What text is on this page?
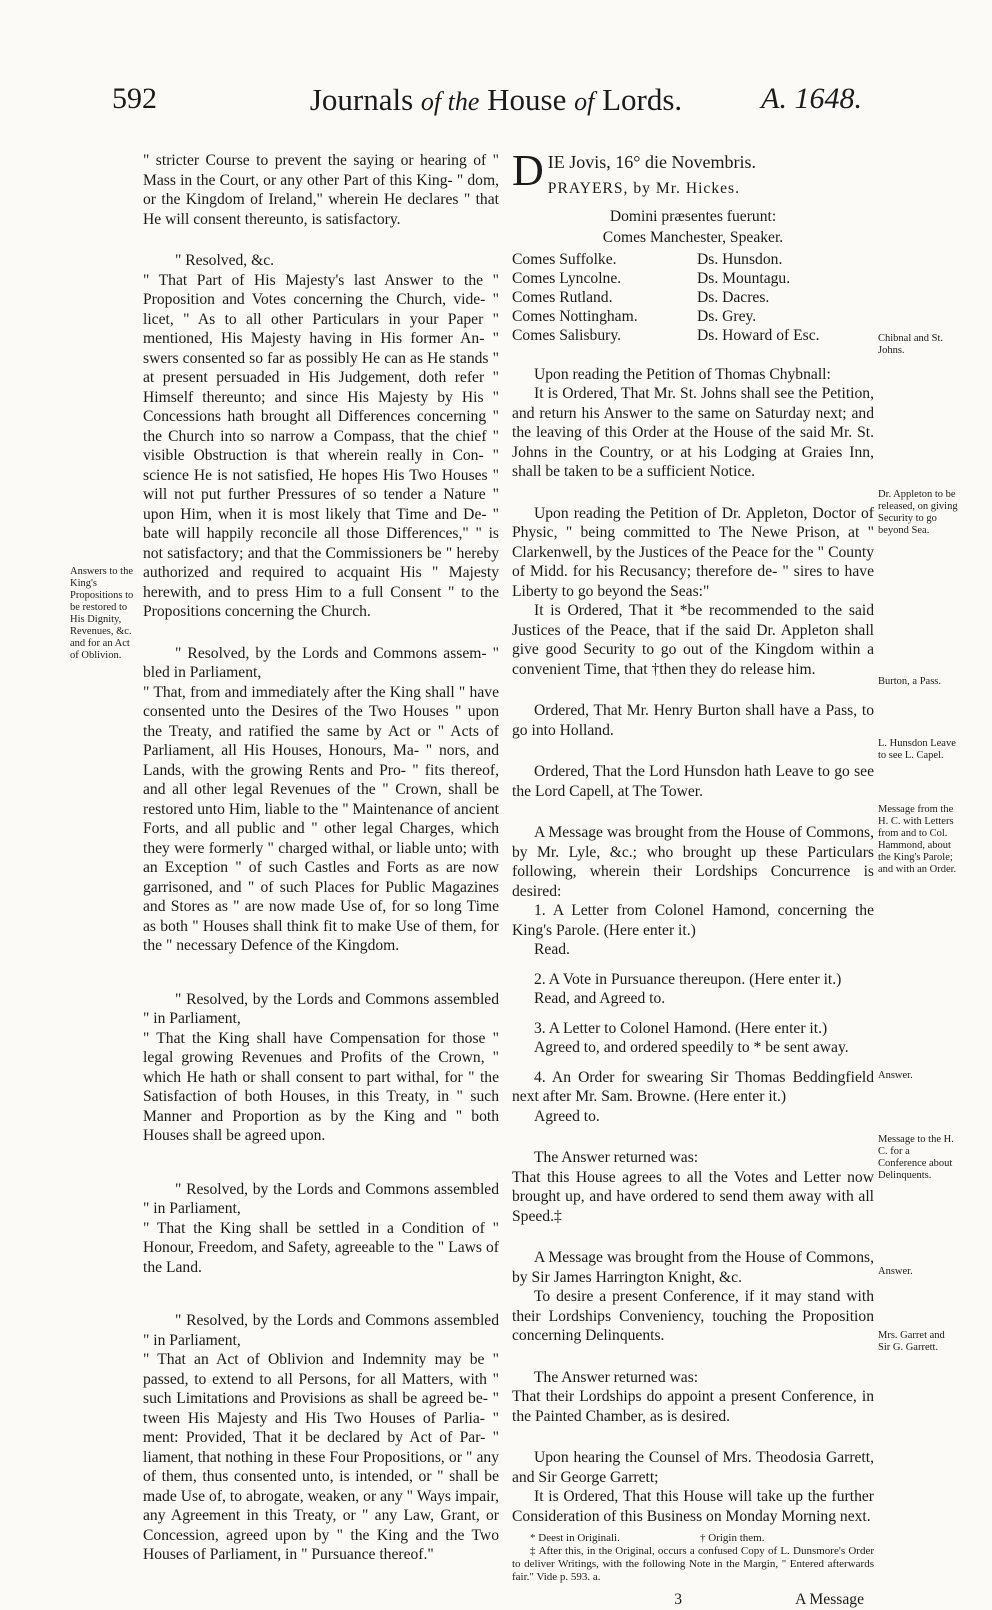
592	Journals of the House of Lords.	A. 1648.

" stricter Course to prevent the saying or hearing of " Mass in the Court, or any other Part of this King- " dom, or the Kingdom of Ireland," wherein He declares " that He will consent thereunto, is satisfactory.

" Resolved, &c.

" That Part of His Majesty's last Answer to the " Proposition and Votes concerning the Church, vide- " licet, " As to all other Particulars in your Paper " mentioned, His Majesty having in His former An- " swers consented so far as possibly He can as He stands " at present persuaded in His Judgement, doth refer " Himself thereunto; and since His Majesty by His " Concessions hath brought all Differences concerning " the Church into so narrow a Compass, that the chief " visible Obstruction is that wherein really in Con- " science He is not satisfied, He hopes His Two Houses " will not put further Pressures of so tender a Nature " upon Him, when it is most likely that Time and De- " bate will happily reconcile all those Differences," " is not satisfactory; and that the Commissioners be " hereby authorized and required to acquaint His " Majesty herewith, and to press Him to a full Consent " to the Propositions concerning the Church.

" Resolved, by the Lords and Commons assem- " bled in Parliament,

" That, from and immediately after the King shall " have consented unto the Desires of the Two Houses " upon the Treaty, and ratified the same by Act or " Acts of Parliament, all His Houses, Honours, Ma- " nors, and Lands, with the growing Rents and Pro- " fits thereof, and all other legal Revenues of the " Crown, shall be restored unto Him, liable to the " Maintenance of ancient Forts, and all public and " other legal Charges, which they were formerly " charged withal, or liable unto; with an Exception " of such Castles and Forts as are now garrisoned, and " of such Places for Public Magazines and Stores as " are now made Use of, for so long Time as both " Houses shall think fit to make Use of them, for the " necessary Defence of the Kingdom.

" Resolved, by the Lords and Commons assembled " in Parliament,

" That the King shall have Compensation for those " legal growing Revenues and Profits of the Crown, " which He hath or shall consent to part withal, for " the Satisfaction of both Houses, in this Treaty, in " such Manner and Proportion as by the King and " both Houses shall be agreed upon.

" Resolved, by the Lords and Commons assembled " in Parliament,

" That the King shall be settled in a Condition of " Honour, Freedom, and Safety, agreeable to the " Laws of the Land.

" Resolved, by the Lords and Commons assembled " in Parliament,

" That an Act of Oblivion and Indemnity may be " passed, to extend to all Persons, for all Matters, with " such Limitations and Provisions as shall be agreed be- " tween His Majesty and His Two Houses of Parlia- " ment: Provided, That it be declared by Act of Par- " liament, that nothing in these Four Propositions, or " any of them, thus consented unto, is intended, or " shall be made Use of, to abrogate, weaken, or any " Ways impair, any Agreement in this Treaty, or " any Law, Grant, or Concession, agreed upon by " the King and the Two Houses of Parliament, in " Pursuance thereof."

Answers to the King's Propositions to be restored to His Dignity, Revenues, &c. and for an Act of Oblivion.

D IE Jovis, 16° die Novembris.

PRAYERS, by Mr. Hickes.

Domini præsentes fuerunt:

Comes Manchester, Speaker.

Comes Suffolke.	Ds. Hunsdon.
Comes Lyncolne.	Ds. Mountagu.
Comes Rutland.	Ds. Dacres.
Comes Nottingham.	Ds. Grey.
Comes Salisbury.	Ds. Howard of Esc.

Upon reading the Petition of Thomas Chybnall:

It is Ordered, That Mr. St. Johns shall see the Petition, and return his Answer to the same on Saturday next; and the leaving of this Order at the House of the said Mr. St. Johns in the Country, or at his Lodging at Graies Inn, shall be taken to be a sufficient Notice.

Upon reading the Petition of Dr. Appleton, Doctor of Physic, " being committed to The Newe Prison, at " Clarkenwell, by the Justices of the Peace for the " County of Midd. for his Recusancy; therefore de- " sires to have Liberty to go beyond the Seas:"

It is Ordered, That it *be recommended to the said Justices of the Peace, that if the said Dr. Appleton shall give good Security to go out of the Kingdom within a convenient Time, that †then they do release him.

Ordered, That Mr. Henry Burton shall have a Pass, to go into Holland.

Ordered, That the Lord Hunsdon hath Leave to go see the Lord Capell, at The Tower.

A Message was brought from the House of Commons, by Mr. Lyle, &c.; who brought up these Particulars following, wherein their Lordships Concurrence is desired:

1. A Letter from Colonel Hamond, concerning the King's Parole. (Here enter it.)

Read.

2. A Vote in Pursuance thereupon. (Here enter it.)

Read, and Agreed to.

3. A Letter to Colonel Hamond. (Here enter it.)

Agreed to, and ordered speedily to * be sent away.

4. An Order for swearing Sir Thomas Beddingfield next after Mr. Sam. Browne. (Here enter it.)

Agreed to.

The Answer returned was:

That this House agrees to all the Votes and Letter now brought up, and have ordered to send them away with all Speed.‡

A Message was brought from the House of Commons, by Sir James Harrington Knight, &c.

To desire a present Conference, if it may stand with their Lordships Conveniency, touching the Proposition concerning Delinquents.

The Answer returned was:

That their Lordships do appoint a present Conference, in the Painted Chamber, as is desired.

Upon hearing the Counsel of Mrs. Theodosia Garrett, and Sir George Garrett;

It is Ordered, That this House will take up the further Consideration of this Business on Monday Morning next.

* Deest in Originali.	† Origin them.

‡ After this, in the Original, occurs a confused Copy of L. Dunsmore's Order to deliver Writings, with the following Note in the Margin, " Entered afterwards fair." Vide p. 593. a.

3	A Message
Chibnal and St. Johns.
Dr. Appleton to be released, on giving Security to go beyond Sea.
Burton, a Pass.
L. Hunsdon Leave to see L. Capel.
Message from the H. C. with Letters from and to Col. Hammond, about the King's Parole; and with an Order.
Answer.
Message to the H. C. for a Conference about Delinquents.
Answer.
Mrs. Garret and Sir G. Garrett.
